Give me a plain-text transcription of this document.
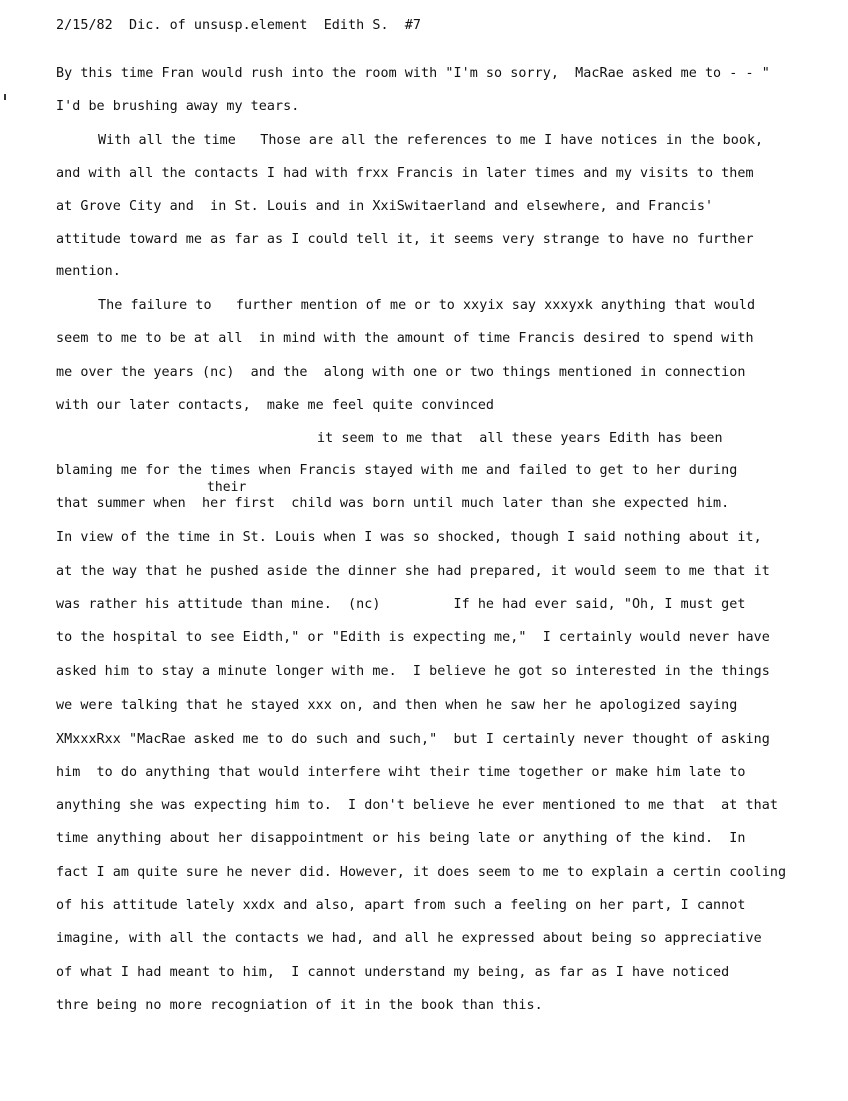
2/15/82  Dic. of unsusp.element  Edith S.  #7
By this time Fran would rush into the room with "I'm so sorry,  MacRae asked me to - - "
I'd be brushing away my tears.
With all the time   Those are all the references to me I have notices in the book,
and with all the contacts I had with frxx Francis in later times and my visits to them
at Grove City and  in St. Louis and in XxiSwitaerland and elsewhere, and Francis'
attitude toward me as far as I could tell it, it seems very strange to have no further
mention.
The failure to   further mention of me or to xxyix say xxxyxk anything that would
seem to me to be at all  in mind with the amount of time Francis desired to spend with
me over the years (nc)  and the  along with one or two things mentioned in connection
with our later contacts,  make me feel quite convinced
it seem to me that  all these years Edith has been
blaming me for the times when Francis stayed with me and failed to get to her during
their
that summer when  her first  child was born until much later than she expected him.
In view of the time in St. Louis when I was so shocked, though I said nothing about it,
at the way that he pushed aside the dinner she had prepared, it would seem to me that it
was rather his attitude than mine.  (nc)         If he had ever said, "Oh, I must get
to the hospital to see Eidth," or "Edith is expecting me,"  I certainly would never have
asked him to stay a minute longer with me.  I believe he got so interested in the things
we were talking that he stayed xxx on, and then when he saw her he apologized saying
XMxxxRxx "MacRae asked me to do such and such,"  but I certainly never thought of asking
him  to do anything that would interfere wiht their time together or make him late to
anything she was expecting him to.  I don't believe he ever mentioned to me that  at that
time anything about her disappointment or his being late or anything of the kind.  In
fact I am quite sure he never did. However, it does seem to me to explain a certin cooling
of his attitude lately xxdx and also, apart from such a feeling on her part, I cannot
imagine, with all the contacts we had, and all he expressed about being so appreciative
of what I had meant to him,  I cannot understand my being, as far as I have noticed
thre being no more recogniation of it in the book than this.
